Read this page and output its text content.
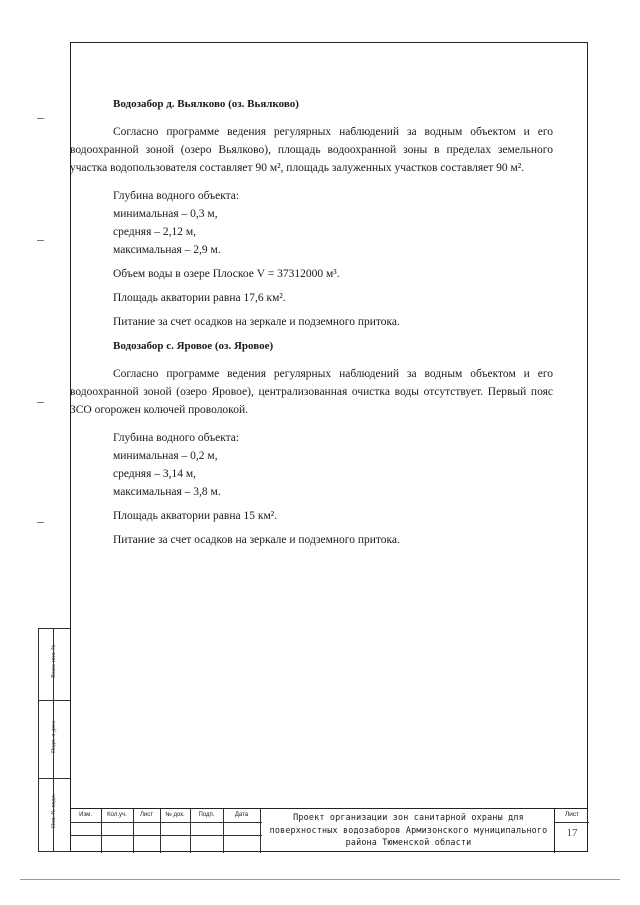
Взам. инв. №
Подп. и дата
Инв. № подл.

Водозабор д. Вьялково (оз. Вьялково)

Согласно программе ведения регулярных наблюдений за водным объектом и его водоохранной зоной (озеро Вьялково), площадь водоохранной зоны в пределах земельного участка водопользователя составляет 90 м², площадь залуженных участков составляет 90 м².

Глубина водного объекта:

минимальная – 0,3 м,

средняя – 2,12 м,

максимальная – 2,9 м.

Объем воды в озере Плоское V = 37312000 м³.

Площадь акватории равна 17,6 км².

Питание за счет осадков на зеркале и подземного притока.

Водозабор с. Яровое (оз. Яровое)

Согласно программе ведения регулярных наблюдений за водным объектом и его водоохранной зоной (озеро Яровое), централизованная очистка воды отсутствует. Первый пояс ЗСО огорожен колючей проволокой.

Глубина водного объекта:

минимальная – 0,2 м,

средняя – 3,14 м,

максимальная – 3,8 м.

Площадь акватории равна 15 км².

Питание за счет осадков на зеркале и подземного притока.

Изм.	Кол.уч.	Лист	№ док.	Подп.	Дата	Проект организации зон санитарной охраны для поверхностных водозаборов Армизонского муниципального района Тюменской области
Лист
17
